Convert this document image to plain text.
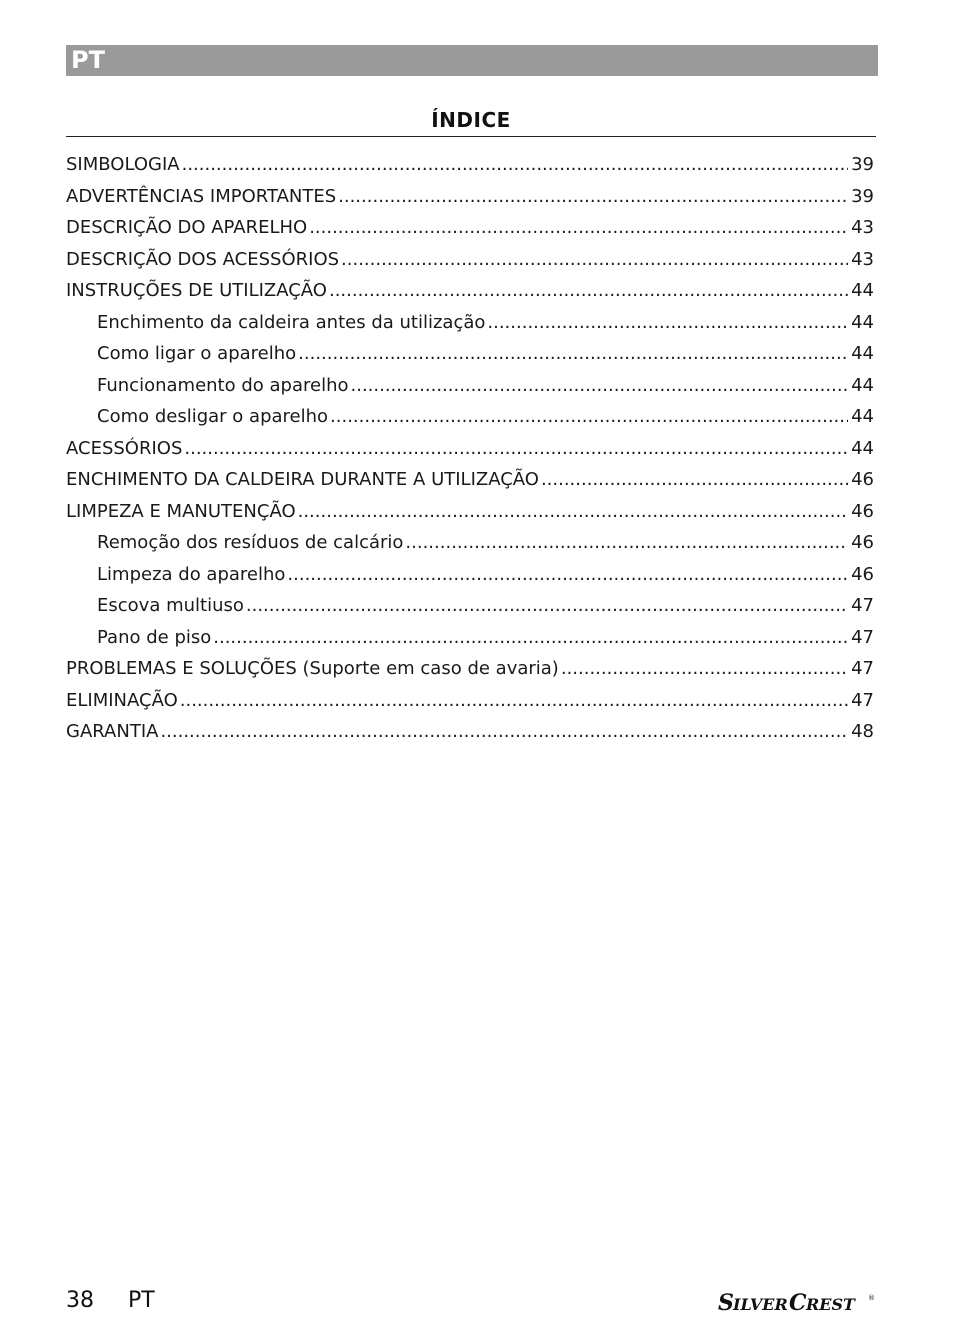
PT
ÍNDICE
SIMBOLOGIA .....	39
ADVERTÊNCIAS IMPORTANTES .....	39
DESCRIÇÃO DO APARELHO .....	43
DESCRIÇÃO DOS ACESSÓRIOS .....	43
INSTRUÇÕES DE UTILIZAÇÃO .....	44
Enchimento da caldeira antes da utilização .....	44
Como ligar o aparelho .....	44
Funcionamento do aparelho .....	44
Como desligar o aparelho .....	44
ACESSÓRIOS .....	44
ENCHIMENTO DA CALDEIRA DURANTE A UTILIZAÇÃO .....	46
LIMPEZA E MANUTENÇÃO .....	46
Remoção dos resíduos de calcário .....	46
Limpeza do aparelho .....	46
Escova multiuso .....	47
Pano de piso .....	47
PROBLEMAS E SOLUÇÕES (Suporte em caso de avaria) .....	47
ELIMINAÇÃO .....	47
GARANTIA .....	48
38 PT	S ILVER C REST ®
